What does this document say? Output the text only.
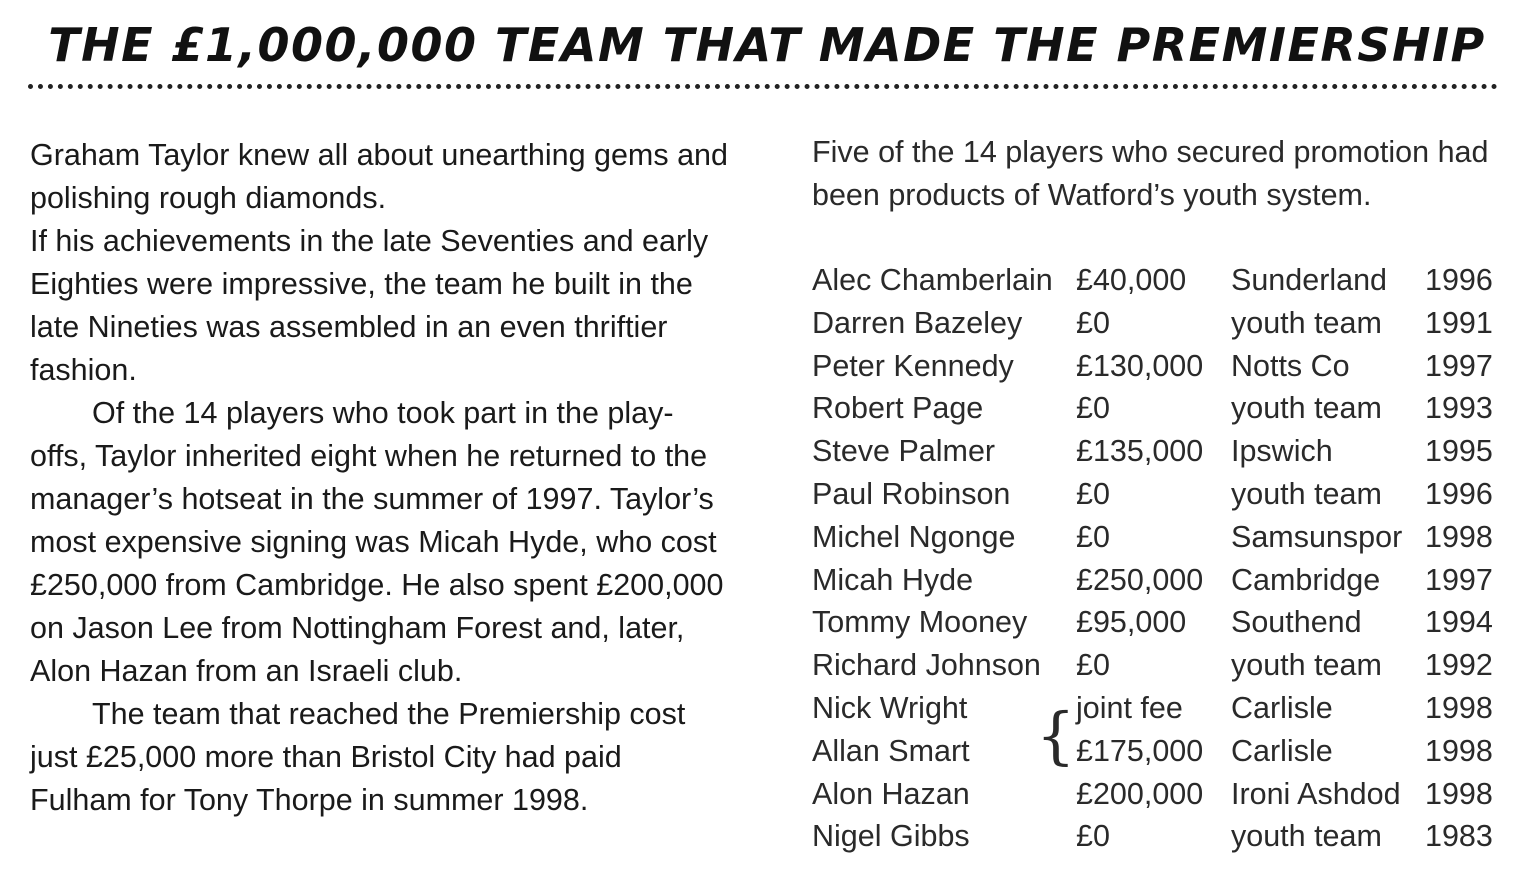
THE £1,000,000 TEAM THAT MADE THE PREMIERSHIP

Graham Taylor knew all about unearthing gems and polishing rough diamonds.

If his achievements in the late Seventies and early Eighties were impressive, the team he built in the late Nineties was assembled in an even thriftier fashion.

Of the 14 players who took part in the play-offs, Taylor inherited eight when he returned to the manager’s hotseat in the summer of 1997. Taylor’s most expensive signing was Micah Hyde, who cost £250,000 from Cambridge. He also spent £200,000 on Jason Lee from Nottingham Forest and, later, Alon Hazan from an Israeli club.

The team that reached the Premiership cost just £25,000 more than Bristol City had paid Fulham for Tony Thorpe in summer 1998.

Five of the 14 players who secured promotion had been products of Watford’s youth system.
Alec Chamberlain £40,000 Sunderland 1996
Darren Bazeley £0	youth team 1991
Peter Kennedy £130,000 Notts Co 1997
Robert Page	£0	youth team 1993
Steve Palmer	£135,000 Ipswich	1995
Paul Robinson £0	youth team 1996
Michel Ngonge £0	Samsunspor 1998
Micah Hyde	£250,000 Cambridge 1997
Tommy Mooney £95,000 Southend 1994
Richard Johnson £0	youth team 1992
Nick Wright	joint fee Carlisle	1998
Allan Smart	£175,000 Carlisle	1998
Alon Hazan	£200,000 Ironi Ashdod 1998
Nigel Gibbs	£0	youth team 1983
{
